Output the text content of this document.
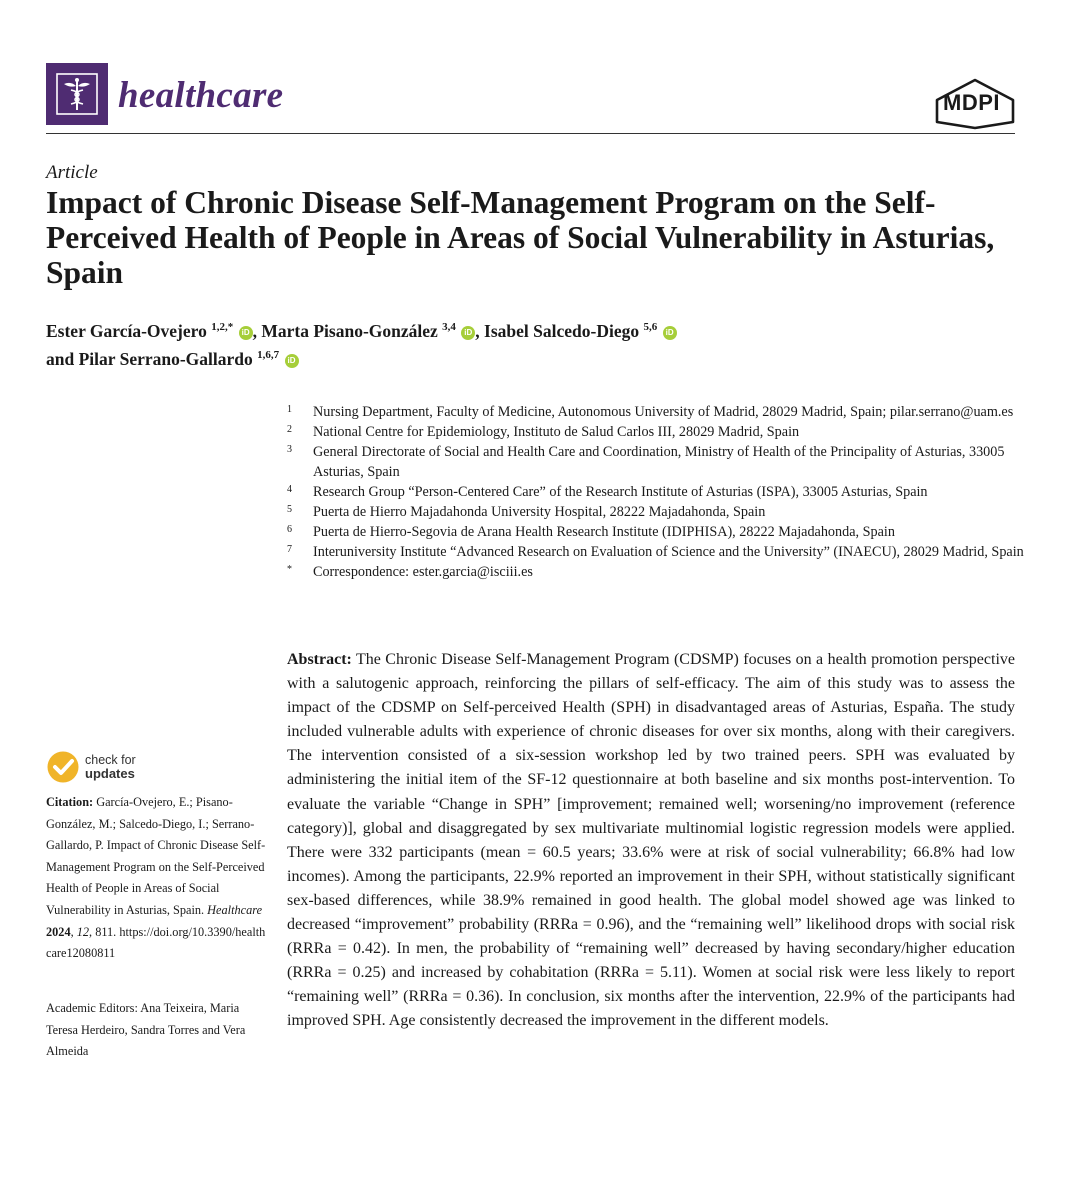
healthcare	MDPI
Article
Impact of Chronic Disease Self-Management Program on the Self-Perceived Health of People in Areas of Social Vulnerability in Asturias, Spain
Ester García-Ovejero $^{1,2,*}$ iD , Marta Pisano-González $^{3,4}$ iD , Isabel Salcedo-Diego $^{5,6}$ iD
and Pilar Serrano-Gallardo $^{1,6,7}$ iD
1	Nursing Department, Faculty of Medicine, Autonomous University of Madrid, 28029 Madrid, Spain; pilar.serrano@uam.es
2	National Centre for Epidemiology, Instituto de Salud Carlos III, 28029 Madrid, Spain
3	General Directorate of Social and Health Care and Coordination, Ministry of Health of the Principality of Asturias, 33005 Asturias, Spain
4	Research Group “Person-Centered Care” of the Research Institute of Asturias (ISPA), 33005 Asturias, Spain
5	Puerta de Hierro Majadahonda University Hospital, 28222 Majadahonda, Spain
6	Puerta de Hierro-Segovia de Arana Health Research Institute (IDIPHISA), 28222 Majadahonda, Spain
7	Interuniversity Institute “Advanced Research on Evaluation of Science and the University” (INAECU), 28029 Madrid, Spain
*	Correspondence: ester.garcia@isciii.es

Abstract: The Chronic Disease Self-Management Program (CDSMP) focuses on a health promotion perspective with a salutogenic approach, reinforcing the pillars of self-efficacy. The aim of this study was to assess the impact of the CDSMP on Self-perceived Health (SPH) in disadvantaged areas of Asturias, España. The study included vulnerable adults with experience of chronic diseases for over six months, along with their caregivers. The intervention consisted of a six-session workshop led by two trained peers. SPH was evaluated by administering the initial item of the SF-12 questionnaire at both baseline and six months post-intervention. To evaluate the variable “Change in SPH” [improvement; remained well; worsening/no improvement (reference category)], global and disaggregated by sex multivariate multinomial logistic regression models were applied. There were 332 participants (mean = 60.5 years; 33.6% were at risk of social vulnerability; 66.8% had low incomes). Among the participants, 22.9% reported an improvement in their SPH, without statistically significant sex-based differences, while 38.9% remained in good health. The global model showed age was linked to decreased “improvement” probability (RRRa = 0.96), and the “remaining well” likelihood drops with social risk (RRRa = 0.42). In men, the probability of “remaining well” decreased by having secondary/higher education (RRRa = 0.25) and increased by cohabitation (RRRa = 5.11). Women at social risk were less likely to report “remaining well” (RRRa = 0.36). In conclusion, six months after the intervention, 22.9% of the participants had improved SPH. Age consistently decreased the improvement in the different models.

check for
updates
Citation: García-Ovejero, E.; Pisano-González, M.; Salcedo-Diego, I.; Serrano-Gallardo, P. Impact of Chronic Disease Self-Management Program on the Self-Perceived Health of People in Areas of Social Vulnerability in Asturias, Spain. Healthcare 2024, 12, 811. https://doi.org/10.3390/healthcare12080811
Academic Editors: Ana Teixeira, Maria Teresa Herdeiro, Sandra Torres and Vera Almeida
